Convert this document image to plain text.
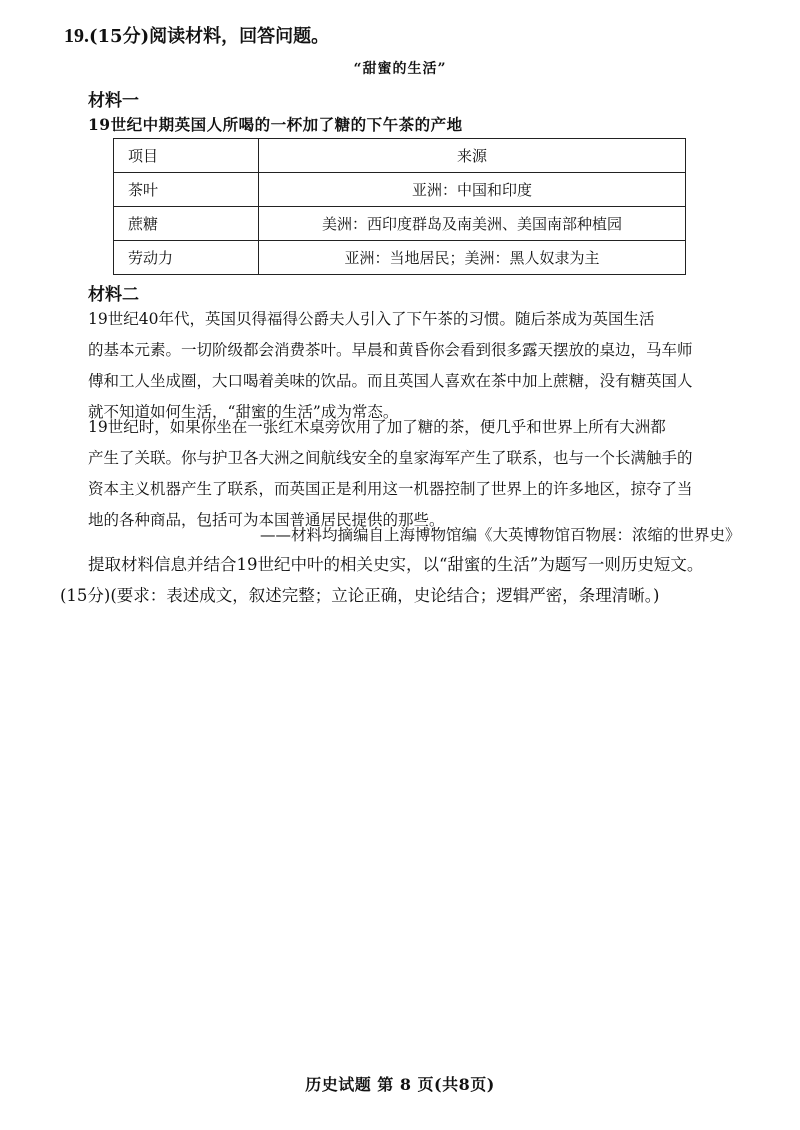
19.(15分)阅读材料，回答问题。
“甜蜜的生活”
材料一
19世纪中期英国人所喝的一杯加了糖的下午茶的产地
项目	来源
茶叶	亚洲：中国和印度
蔗糖	美洲：西印度群岛及南美洲、美国南部种植园
劳动力	亚洲：当地居民；美洲：黑人奴隶为主
材料二
19世纪40年代，英国贝得福得公爵夫人引入了下午茶的习惯。随后茶成为英国生活
的基本元素。一切阶级都会消费茶叶。早晨和黄昏你会看到很多露天摆放的桌边，马车师
傅和工人坐成圈，大口喝着美味的饮品。而且英国人喜欢在茶中加上蔗糖，没有糖英国人
就不知道如何生活，“甜蜜的生活”成为常态。
19世纪时，如果你坐在一张红木桌旁饮用了加了糖的茶，便几乎和世界上所有大洲都
产生了关联。你与护卫各大洲之间航线安全的皇家海军产生了联系，也与一个长满触手的
资本主义机器产生了联系，而英国正是利用这一机器控制了世界上的许多地区，掠夺了当
地的各种商品，包括可为本国普通居民提供的那些。
——材料均摘编自上海博物馆编《大英博物馆百物展：浓缩的世界史》
提取材料信息并结合19世纪中叶的相关史实，以“甜蜜的生活”为题写一则历史短文。
(15分)(要求：表述成文，叙述完整；立论正确，史论结合；逻辑严密，条理清晰。)
历史试题 第 8 页(共8页)
